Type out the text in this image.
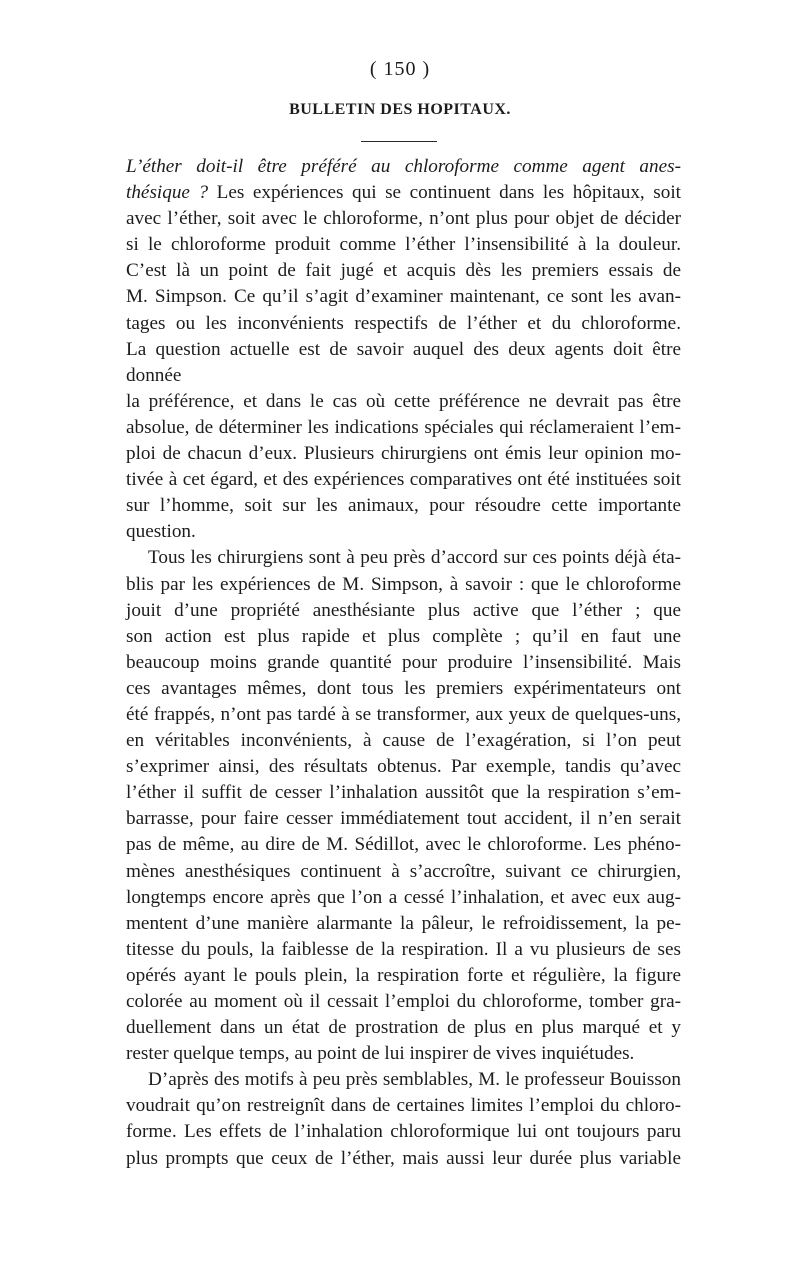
( 150 )
BULLETIN DES HOPITAUX.

L’éther doit-il être préféré au chloroforme comme agent anes-

thésique ? Les expériences qui se continuent dans les hôpitaux, soit

avec l’éther, soit avec le chloroforme, n’ont plus pour objet de décider

si le chloroforme produit comme l’éther l’insensibilité à la douleur.

C’est là un point de fait jugé et acquis dès les premiers essais de

M. Simpson. Ce qu’il s’agit d’examiner maintenant, ce sont les avan-

tages ou les inconvénients respectifs de l’éther et du chloroforme.

La question actuelle est de savoir auquel des deux agents doit être donnée

la préférence, et dans le cas où cette préférence ne devrait pas être

absolue, de déterminer les indications spéciales qui réclameraient l’em-

ploi de chacun d’eux. Plusieurs chirurgiens ont émis leur opinion mo-

tivée à cet égard, et des expériences comparatives ont été instituées soit

sur l’homme, soit sur les animaux, pour résoudre cette importante

question.

Tous les chirurgiens sont à peu près d’accord sur ces points déjà éta-

blis par les expériences de M. Simpson, à savoir : que le chloroforme

jouit d’une propriété anesthésiante plus active que l’éther ; que

son action est plus rapide et plus complète ; qu’il en faut une

beaucoup moins grande quantité pour produire l’insensibilité. Mais

ces avantages mêmes, dont tous les premiers expérimentateurs ont

été frappés, n’ont pas tardé à se transformer, aux yeux de quelques-uns,

en véritables inconvénients, à cause de l’exagération, si l’on peut

s’exprimer ainsi, des résultats obtenus. Par exemple, tandis qu’avec

l’éther il suffit de cesser l’inhalation aussitôt que la respiration s’em-

barrasse, pour faire cesser immédiatement tout accident, il n’en serait

pas de même, au dire de M. Sédillot, avec le chloroforme. Les phéno-

mènes anesthésiques continuent à s’accroître, suivant ce chirurgien,

longtemps encore après que l’on a cessé l’inhalation, et avec eux aug-

mentent d’une manière alarmante la pâleur, le refroidissement, la pe-

titesse du pouls, la faiblesse de la respiration. Il a vu plusieurs de ses

opérés ayant le pouls plein, la respiration forte et régulière, la figure

colorée au moment où il cessait l’emploi du chloroforme, tomber gra-

duellement dans un état de prostration de plus en plus marqué et y

rester quelque temps, au point de lui inspirer de vives inquiétudes.

D’après des motifs à peu près semblables, M. le professeur Bouisson

voudrait qu’on restreignît dans de certaines limites l’emploi du chloro-

forme. Les effets de l’inhalation chloroformique lui ont toujours paru

plus prompts que ceux de l’éther, mais aussi leur durée plus variable
